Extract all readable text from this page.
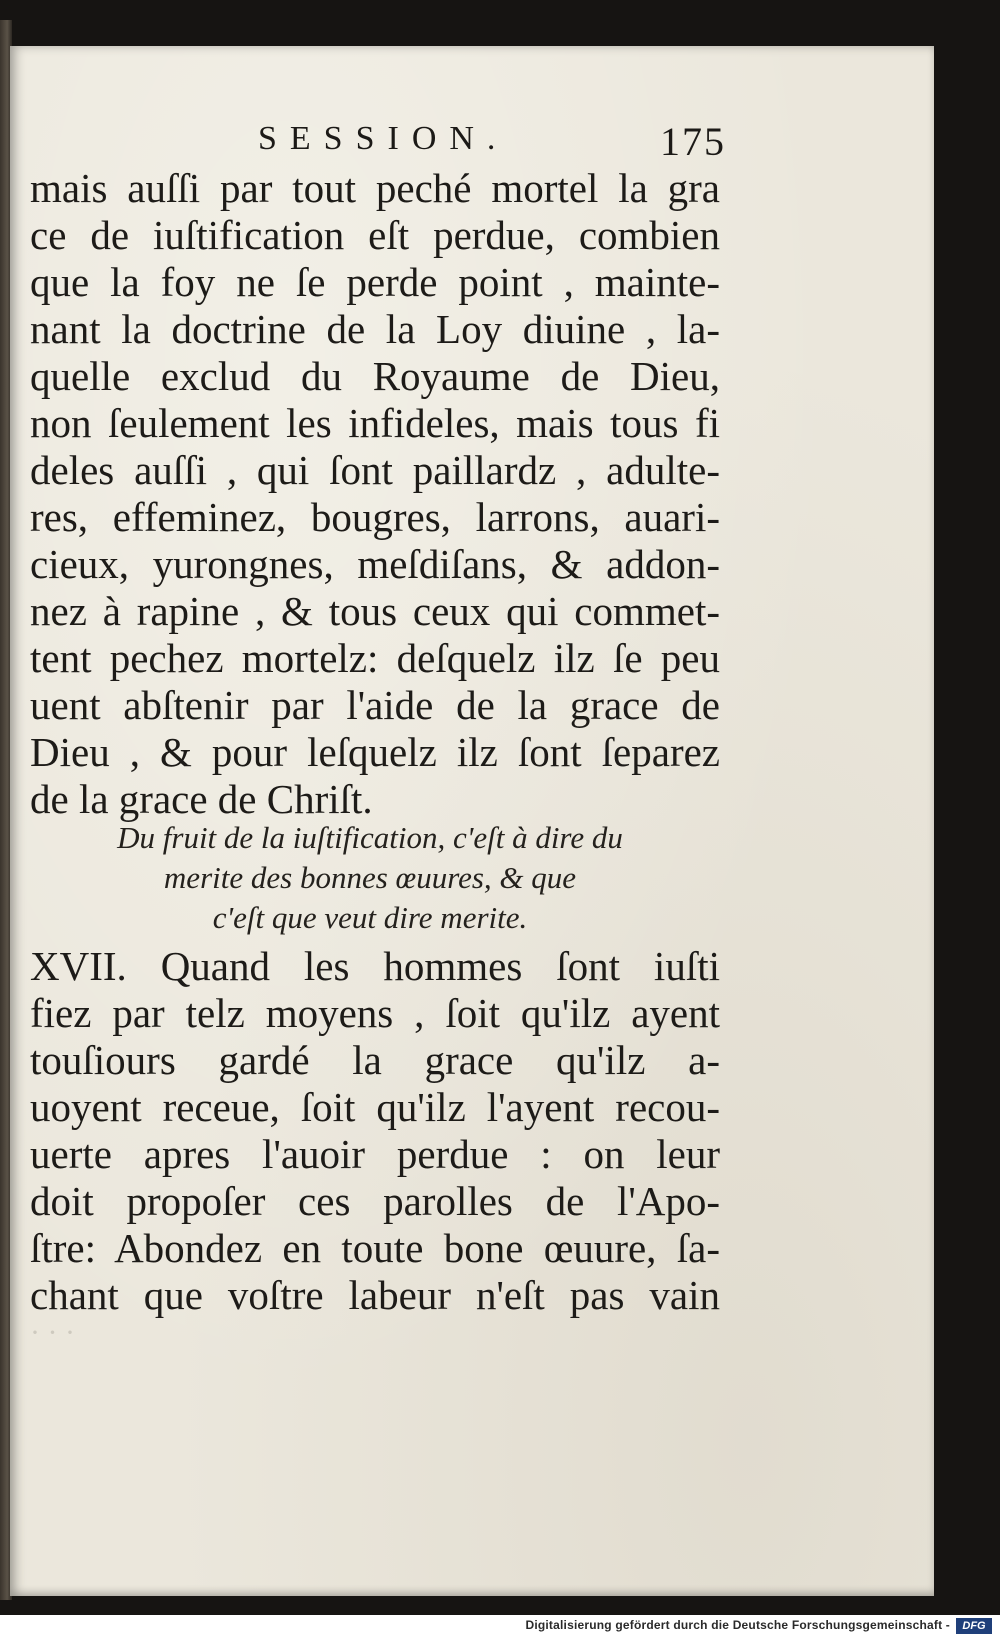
SESSION.	175
mais auſſi par tout peché mortel la gra
ce de iuſtification eſt perdue, combien
que la foy ne ſe perde point , mainte-
nant la doctrine de la Loy diuine , la-
quelle exclud du Royaume de Dieu,
non ſeulement les infideles, mais tous fi
deles auſſi , qui ſont paillardz , adulte-
res, effeminez, bougres, larrons, auari-
cieux, yurongnes, meſdiſans, & addon-
nez à rapine , & tous ceux qui commet-
tent pechez mortelz: deſquelz ilz ſe peu
uent abſtenir par l'aide de la grace de
Dieu , & pour leſquelz ilz ſont ſeparez
de la grace de Chriſt.
Du fruit de la iuſtification, c'eſt à dire du
merite des bonnes œuures, & que
c'eſt que veut dire merite.
XVII. Quand les hommes ſont iuſti
fiez par telz moyens , ſoit qu'ilz ayent
touſiours gardé la grace qu'ilz a-
uoyent receue, ſoit qu'ilz l'ayent recou-
uerte apres l'auoir perdue : on leur
doit propoſer ces parolles de l'Apo-
ſtre: Abondez en toute bone œuure, ſa-
chant que voſtre labeur n'eſt pas vain
· · ·
Digitalisierung gefördert durch die Deutsche Forschungsgemeinschaft -	DFG
